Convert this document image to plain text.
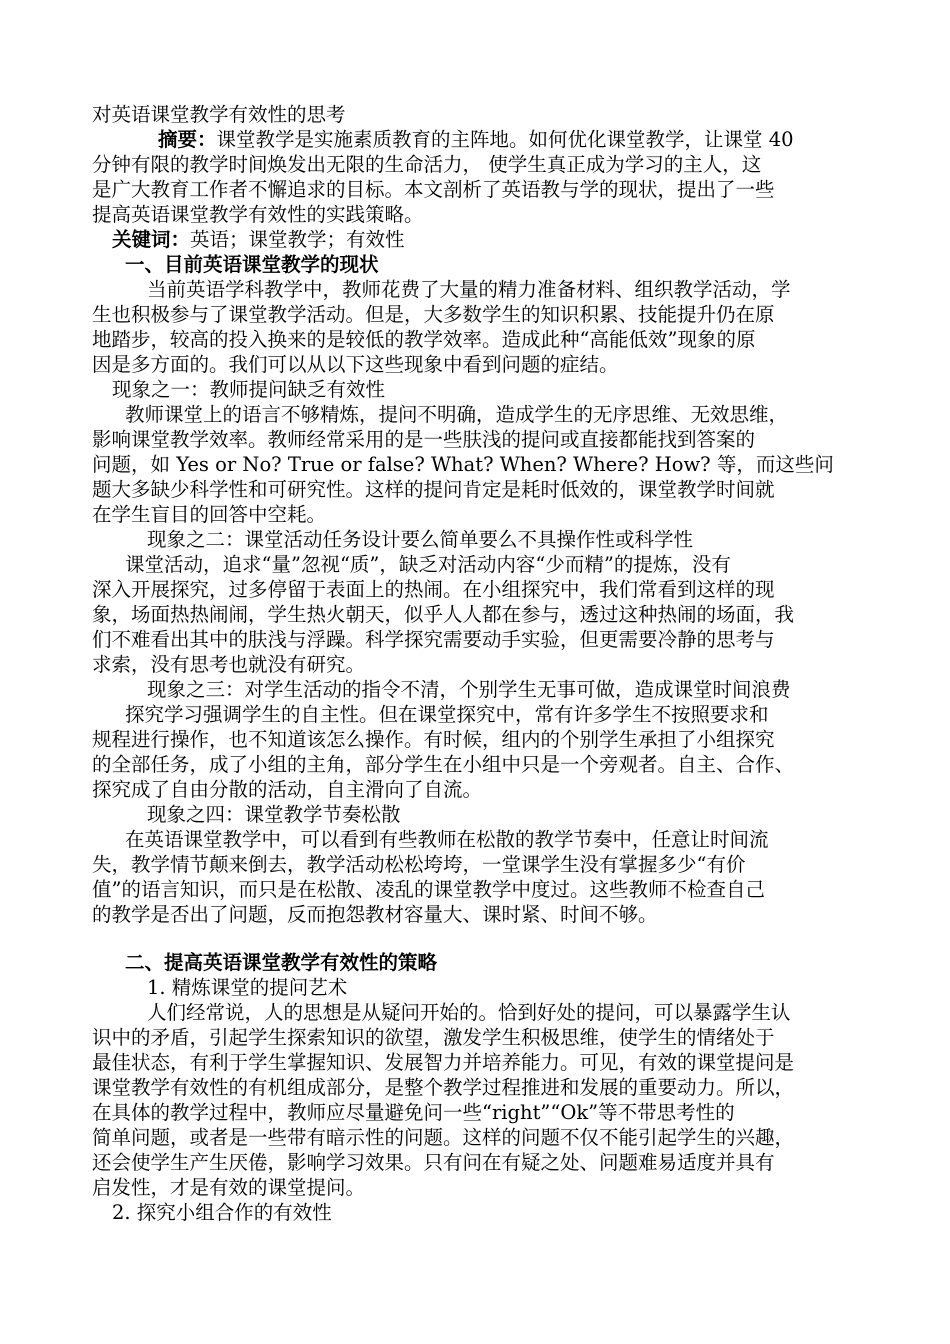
对英语课堂教学有效性的思考
摘要：课堂教学是实施素质教育的主阵地。如何优化课堂教学，让课堂 40
分钟有限的教学时间焕发出无限的生命活力， 使学生真正成为学习的主人，这
是广大教育工作者不懈追求的目标。本文剖析了英语教与学的现状，提出了一些
提高英语课堂教学有效性的实践策略。
关键词：英语；课堂教学；有效性
一、目前英语课堂教学的现状
当前英语学科教学中，教师花费了大量的精力准备材料、组织教学活动，学
生也积极参与了课堂教学活动。但是，大多数学生的知识积累、技能提升仍在原
地踏步，较高的投入换来的是较低的教学效率。造成此种“高能低效”现象的原
因是多方面的。我们可以从以下这些现象中看到问题的症结。
现象之一：教师提问缺乏有效性
教师课堂上的语言不够精炼，提问不明确，造成学生的无序思维、无效思维，
影响课堂教学效率。教师经常采用的是一些肤浅的提问或直接都能找到答案的
问题，如 Yes or No? True or false? What? When? Where? How? 等，而这些问
题大多缺少科学性和可研究性。这样的提问肯定是耗时低效的，课堂教学时间就
在学生盲目的回答中空耗。
现象之二：课堂活动任务设计要么简单要么不具操作性或科学性
课堂活动，追求“量”忽视“质”，缺乏对活动内容“少而精”的提炼，没有
深入开展探究，过多停留于表面上的热闹。在小组探究中，我们常看到这样的现
象，场面热热闹闹，学生热火朝天，似乎人人都在参与，透过这种热闹的场面，我
们不难看出其中的肤浅与浮躁。科学探究需要动手实验，但更需要冷静的思考与
求索，没有思考也就没有研究。
现象之三：对学生活动的指令不清，个别学生无事可做，造成课堂时间浪费
探究学习强调学生的自主性。但在课堂探究中，常有许多学生不按照要求和
规程进行操作，也不知道该怎么操作。有时候，组内的个别学生承担了小组探究
的全部任务，成了小组的主角，部分学生在小组中只是一个旁观者。自主、合作、
探究成了自由分散的活动，自主滑向了自流。
现象之四：课堂教学节奏松散
在英语课堂教学中，可以看到有些教师在松散的教学节奏中，任意让时间流
失，教学情节颠来倒去，教学活动松松垮垮，一堂课学生没有掌握多少“有价
值”的语言知识，而只是在松散、凌乱的课堂教学中度过。这些教师不检查自己
的教学是否出了问题，反而抱怨教材容量大、课时紧、时间不够。
二、提高英语课堂教学有效性的策略
1. 精炼课堂的提问艺术
人们经常说，人的思想是从疑问开始的。恰到好处的提问，可以暴露学生认
识中的矛盾，引起学生探索知识的欲望，激发学生积极思维，使学生的情绪处于
最佳状态，有利于学生掌握知识、发展智力并培养能力。可见，有效的课堂提问是
课堂教学有效性的有机组成部分，是整个教学过程推进和发展的重要动力。所以，
在具体的教学过程中，教师应尽量避免问一些“right”“Ok”等不带思考性的
简单问题，或者是一些带有暗示性的问题。这样的问题不仅不能引起学生的兴趣，
还会使学生产生厌倦，影响学习效果。只有问在有疑之处、问题难易适度并具有
启发性，才是有效的课堂提问。
2. 探究小组合作的有效性
